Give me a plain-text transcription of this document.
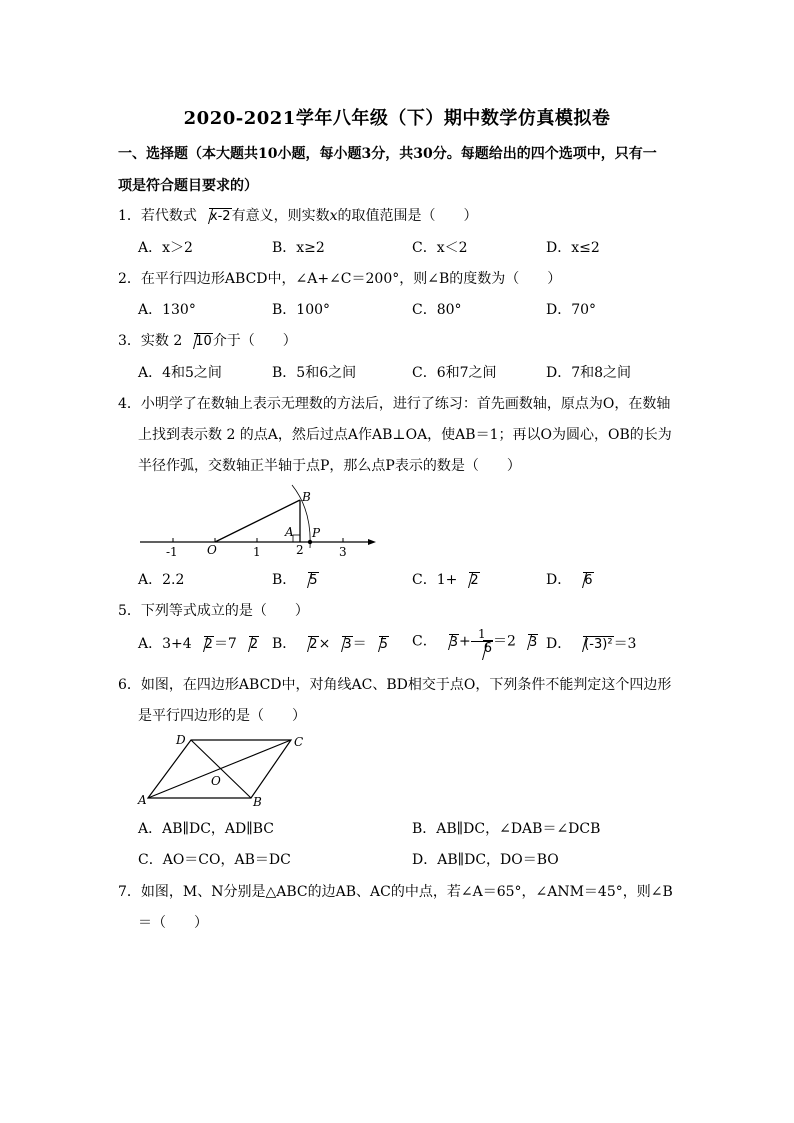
2020-2021学年八年级（下）期中数学仿真模拟卷
一、选择题（本大题共10小题，每小题3分，共30分。每题给出的四个选项中，只有一
项是符合题目要求的）
1．若代数式 x-2有意义，则实数x的取值范围是（　　）
A．x＞2	B．x≥2	C．x＜2	D．x≤2
2．在平行四边形ABCD中，∠A+∠C＝200°，则∠B的度数为（　　）
A．130°	B．100°	C．80°	D．70°
3．实数 2 10介于（　　）
A．4和5之间	B．5和6之间	C．6和7之间	D．7和8之间
4．小明学了在数轴上表示无理数的方法后，进行了练习：首先画数轴，原点为O，在数轴
上找到表示数 2 的点A，然后过点A作AB⊥OA，使AB＝1；再以O为圆心，OB的长为
半径作弧，交数轴正半轴于点P，那么点P表示的数是（　　）
-1 O	1	2	3
A
B
P
A．2.2	B． 5	C．1+ 2	D． 6
5．下列等式成立的是（　　）
A．3+4 2＝7 2 B． 2× 3＝ 5 C． $3+ \frac{1}{6} =2$ 3 D． (-3)²＝3
6．如图，在四边形ABCD中，对角线AC、BD相交于点O，下列条件不能判定这个四边形
是平行四边形的是（　　）
D	C
O
A	B
A．AB∥DC，AD∥BC	B．AB∥DC，∠DAB＝∠DCB
C．AO＝CO，AB＝DC	D．AB∥DC，DO＝BO
7．如图，M、N分别是△ABC的边AB、AC的中点，若∠A＝65°，∠ANM＝45°，则∠B
＝（　　）
